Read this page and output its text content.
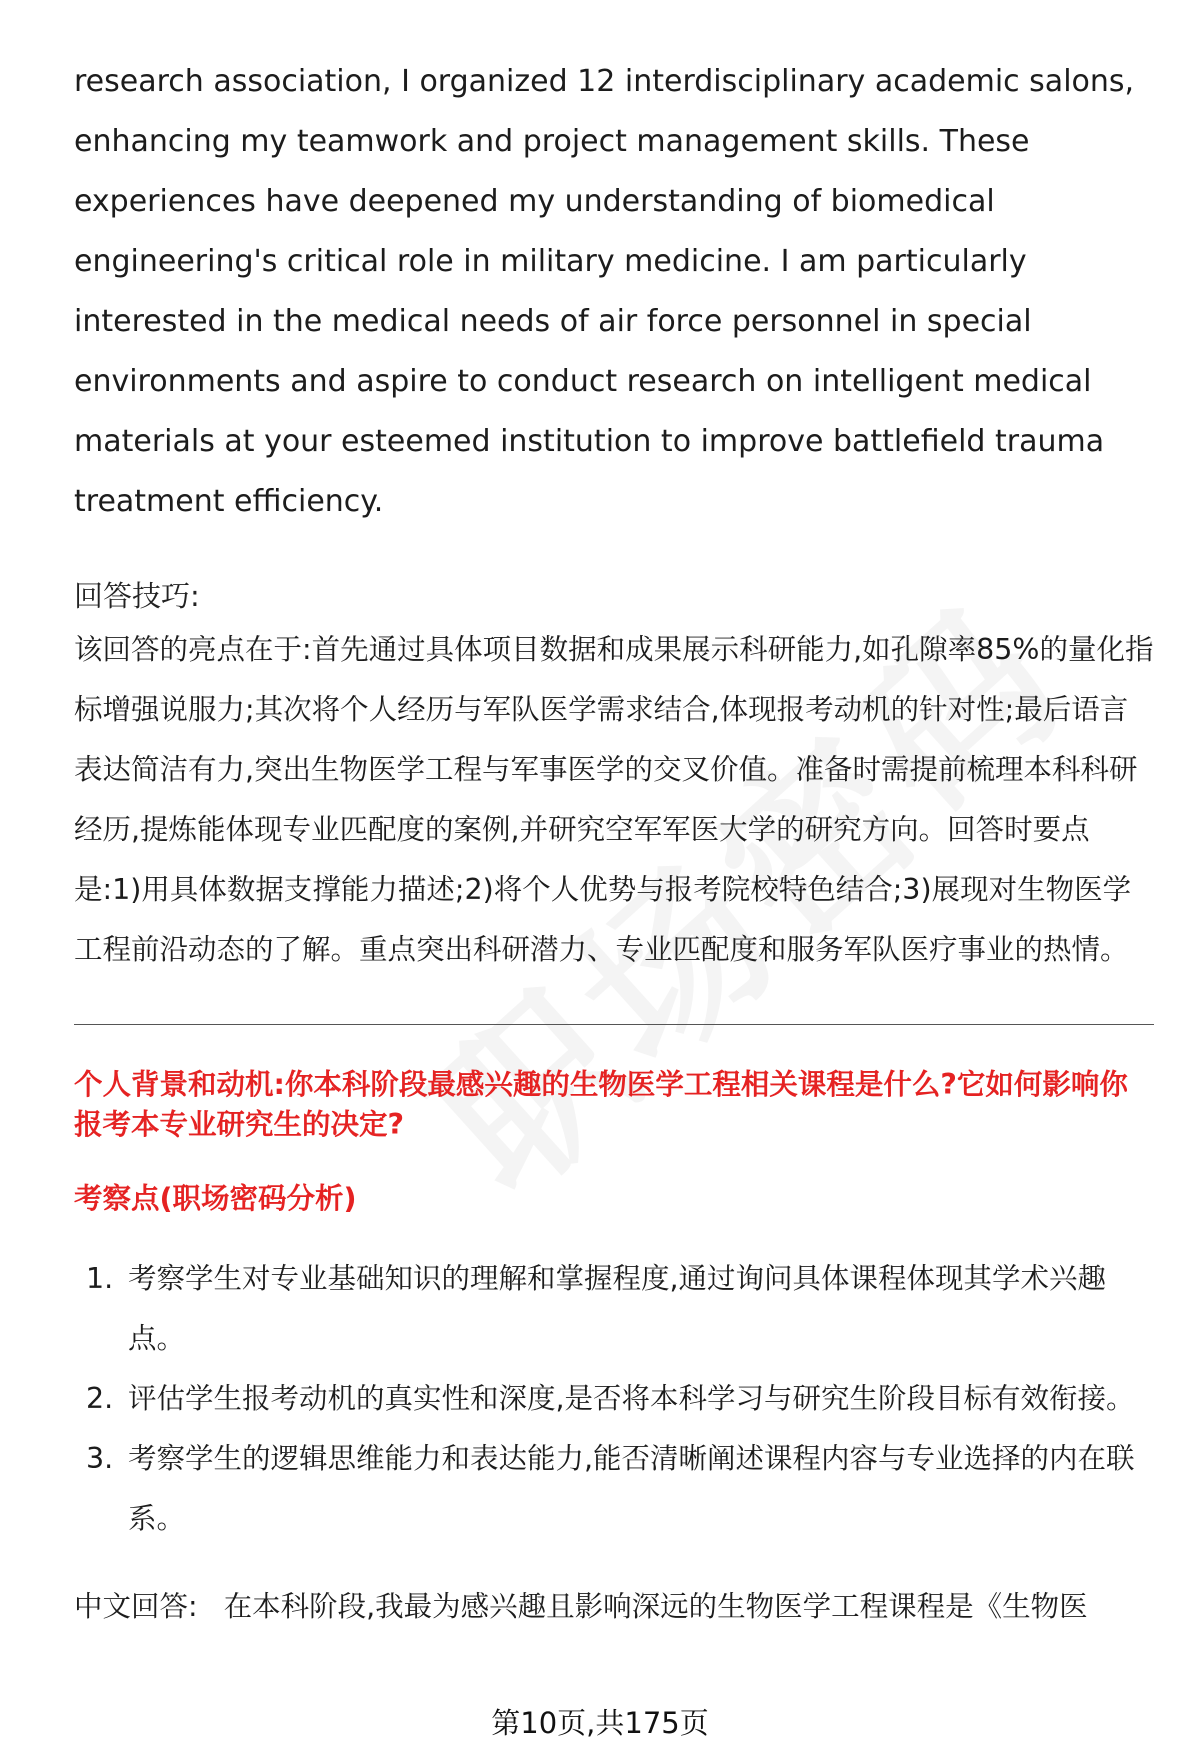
research association, I organized 12 interdisciplinary academic salons, enhancing my teamwork and project management skills. These experiences have deepened my understanding of biomedical engineering's critical role in military medicine. I am particularly interested in the medical needs of air force personnel in special environments and aspire to conduct research on intelligent medical materials at your esteemed institution to improve battlefield trauma treatment efficiency.

回答技巧:

该回答的亮点在于:首先通过具体项目数据和成果展示科研能力,如孔隙率85%的量化指标增强说服力;其次将个人经历与军队医学需求结合,体现报考动机的针对性;最后语言表达简洁有力,突出生物医学工程与军事医学的交叉价值。准备时需提前梳理本科科研经历,提炼能体现专业匹配度的案例,并研究空军军医大学的研究方向。回答时要点是:1)用具体数据支撑能力描述;2)将个人优势与报考院校特色结合;3)展现对生物医学工程前沿动态的了解。重点突出科研潜力、专业匹配度和服务军队医疗事业的热情。

个人背景和动机:你本科阶段最感兴趣的生物医学工程相关课程是什么?它如何影响你报考本专业研究生的决定?

考察点(职场密码分析)

1. 考察学生对专业基础知识的理解和掌握程度,通过询问具体课程体现其学术兴趣点。
2. 评估学生报考动机的真实性和深度,是否将本科学习与研究生阶段目标有效衔接。
3. 考察学生的逻辑思维能力和表达能力,能否清晰阐述课程内容与专业选择的内在联系。

中文回答: 在本科阶段,我最为感兴趣且影响深远的生物医学工程课程是《生物医

第10页,共175页
